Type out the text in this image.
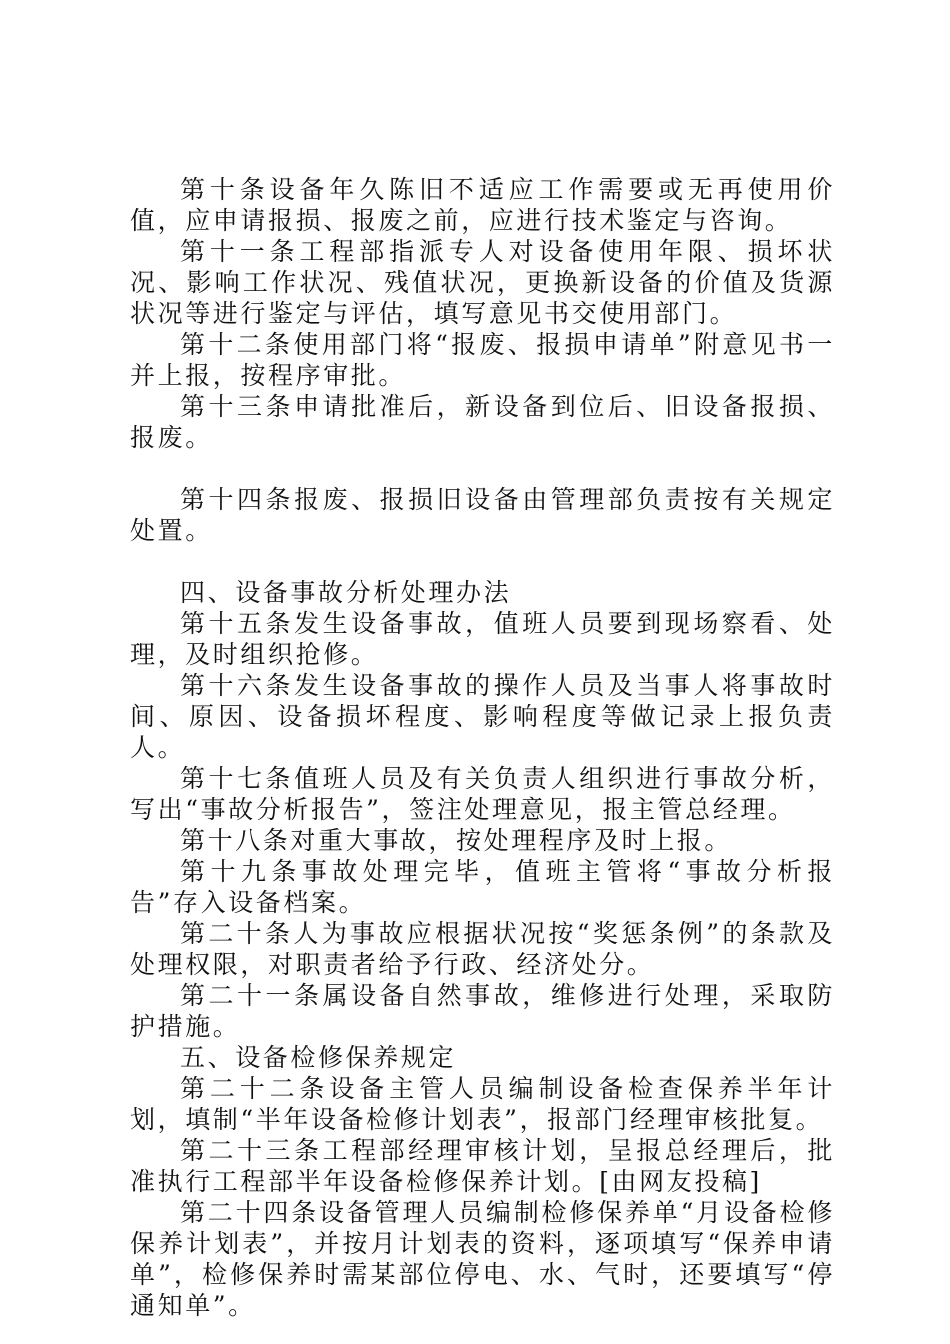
第十条设备年久陈旧不适应工作需要或无再使用价值，应申请报损、报废之前，应进行技术鉴定与咨询。

第十一条工程部指派专人对设备使用年限、损坏状况、影响工作状况、残值状况，更换新设备的价值及货源状况等进行鉴定与评估，填写意见书交使用部门。

第十二条使用部门将“报废、报损申请单”附意见书一并上报，按程序审批。

第十三条申请批准后，新设备到位后、旧设备报损、报废。

第十四条报废、报损旧设备由管理部负责按有关规定处置。

四、设备事故分析处理办法

第十五条发生设备事故，值班人员要到现场察看、处理，及时组织抢修。

第十六条发生设备事故的操作人员及当事人将事故时间、原因、设备损坏程度、影响程度等做记录上报负责人。

第十七条值班人员及有关负责人组织进行事故分析，写出“事故分析报告”，签注处理意见，报主管总经理。

第十八条对重大事故，按处理程序及时上报。

第十九条事故处理完毕，值班主管将“事故分析报告”存入设备档案。

第二十条人为事故应根据状况按“奖惩条例”的条款及处理权限，对职责者给予行政、经济处分。

第二十一条属设备自然事故，维修进行处理，采取防护措施。

五、设备检修保养规定

第二十二条设备主管人员编制设备检查保养半年计划，填制“半年设备检修计划表”，报部门经理审核批复。

第二十三条工程部经理审核计划，呈报总经理后，批准执行工程部半年设备检修保养计划。[由网友投稿]

第二十四条设备管理人员编制检修保养单“月设备检修保养计划表”，并按月计划表的资料，逐项填写“保养申请单”，检修保养时需某部位停电、水、气时，还要填写“停通知单”。
